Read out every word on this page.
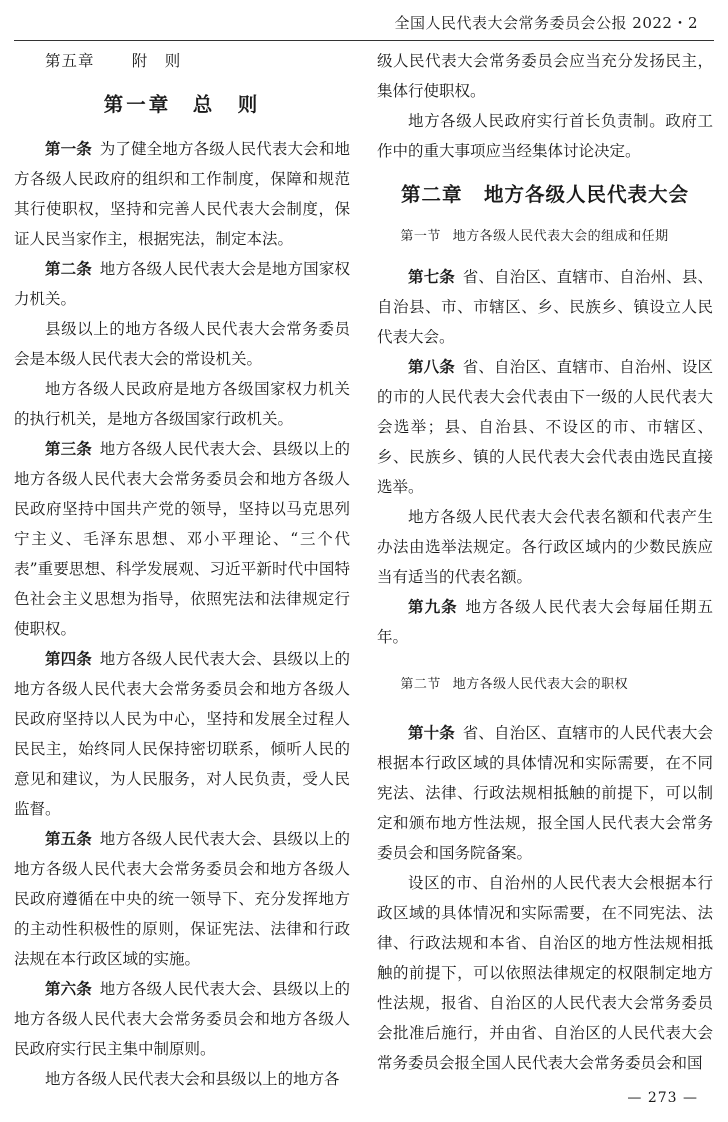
全国人民代表大会常务委员会公报 2022・2
第五章 附　则
第一章 总　则

第一条 为了健全地方各级人民代表大会和地方各级人民政府的组织和工作制度，保障和规范其行使职权，坚持和完善人民代表大会制度，保证人民当家作主，根据宪法，制定本法。

第二条 地方各级人民代表大会是地方国家权力机关。

县级以上的地方各级人民代表大会常务委员会是本级人民代表大会的常设机关。

地方各级人民政府是地方各级国家权力机关的执行机关，是地方各级国家行政机关。

第三条 地方各级人民代表大会、县级以上的地方各级人民代表大会常务委员会和地方各级人民政府坚持中国共产党的领导，坚持以马克思列宁主义、毛泽东思想、邓小平理论、“三个代表”重要思想、科学发展观、习近平新时代中国特色社会主义思想为指导，依照宪法和法律规定行使职权。

第四条 地方各级人民代表大会、县级以上的地方各级人民代表大会常务委员会和地方各级人民政府坚持以人民为中心，坚持和发展全过程人民民主，始终同人民保持密切联系，倾听人民的意见和建议，为人民服务，对人民负责，受人民监督。

第五条 地方各级人民代表大会、县级以上的地方各级人民代表大会常务委员会和地方各级人民政府遵循在中央的统一领导下、充分发挥地方的主动性积极性的原则，保证宪法、法律和行政法规在本行政区域的实施。

第六条 地方各级人民代表大会、县级以上的地方各级人民代表大会常务委员会和地方各级人民政府实行民主集中制原则。

地方各级人民代表大会和县级以上的地方各

级人民代表大会常务委员会应当充分发扬民主，集体行使职权。

地方各级人民政府实行首长负责制。政府工作中的重大事项应当经集体讨论决定。

第二章 地方各级人民代表大会
第一节 地方各级人民代表大会的组成和任期

第七条 省、自治区、直辖市、自治州、县、自治县、市、市辖区、乡、民族乡、镇设立人民代表大会。

第八条 省、自治区、直辖市、自治州、设区的市的人民代表大会代表由下一级的人民代表大会选举；县、自治县、不设区的市、市辖区、乡、民族乡、镇的人民代表大会代表由选民直接选举。

地方各级人民代表大会代表名额和代表产生办法由选举法规定。各行政区域内的少数民族应当有适当的代表名额。

第九条 地方各级人民代表大会每届任期五年。

第二节 地方各级人民代表大会的职权

第十条 省、自治区、直辖市的人民代表大会根据本行政区域的具体情况和实际需要，在不同宪法、法律、行政法规相抵触的前提下，可以制定和颁布地方性法规，报全国人民代表大会常务委员会和国务院备案。

设区的市、自治州的人民代表大会根据本行政区域的具体情况和实际需要，在不同宪法、法律、行政法规和本省、自治区的地方性法规相抵触的前提下，可以依照法律规定的权限制定地方性法规，报省、自治区的人民代表大会常务委员会批准后施行，并由省、自治区的人民代表大会常务委员会报全国人民代表大会常务委员会和国

— 273 —
